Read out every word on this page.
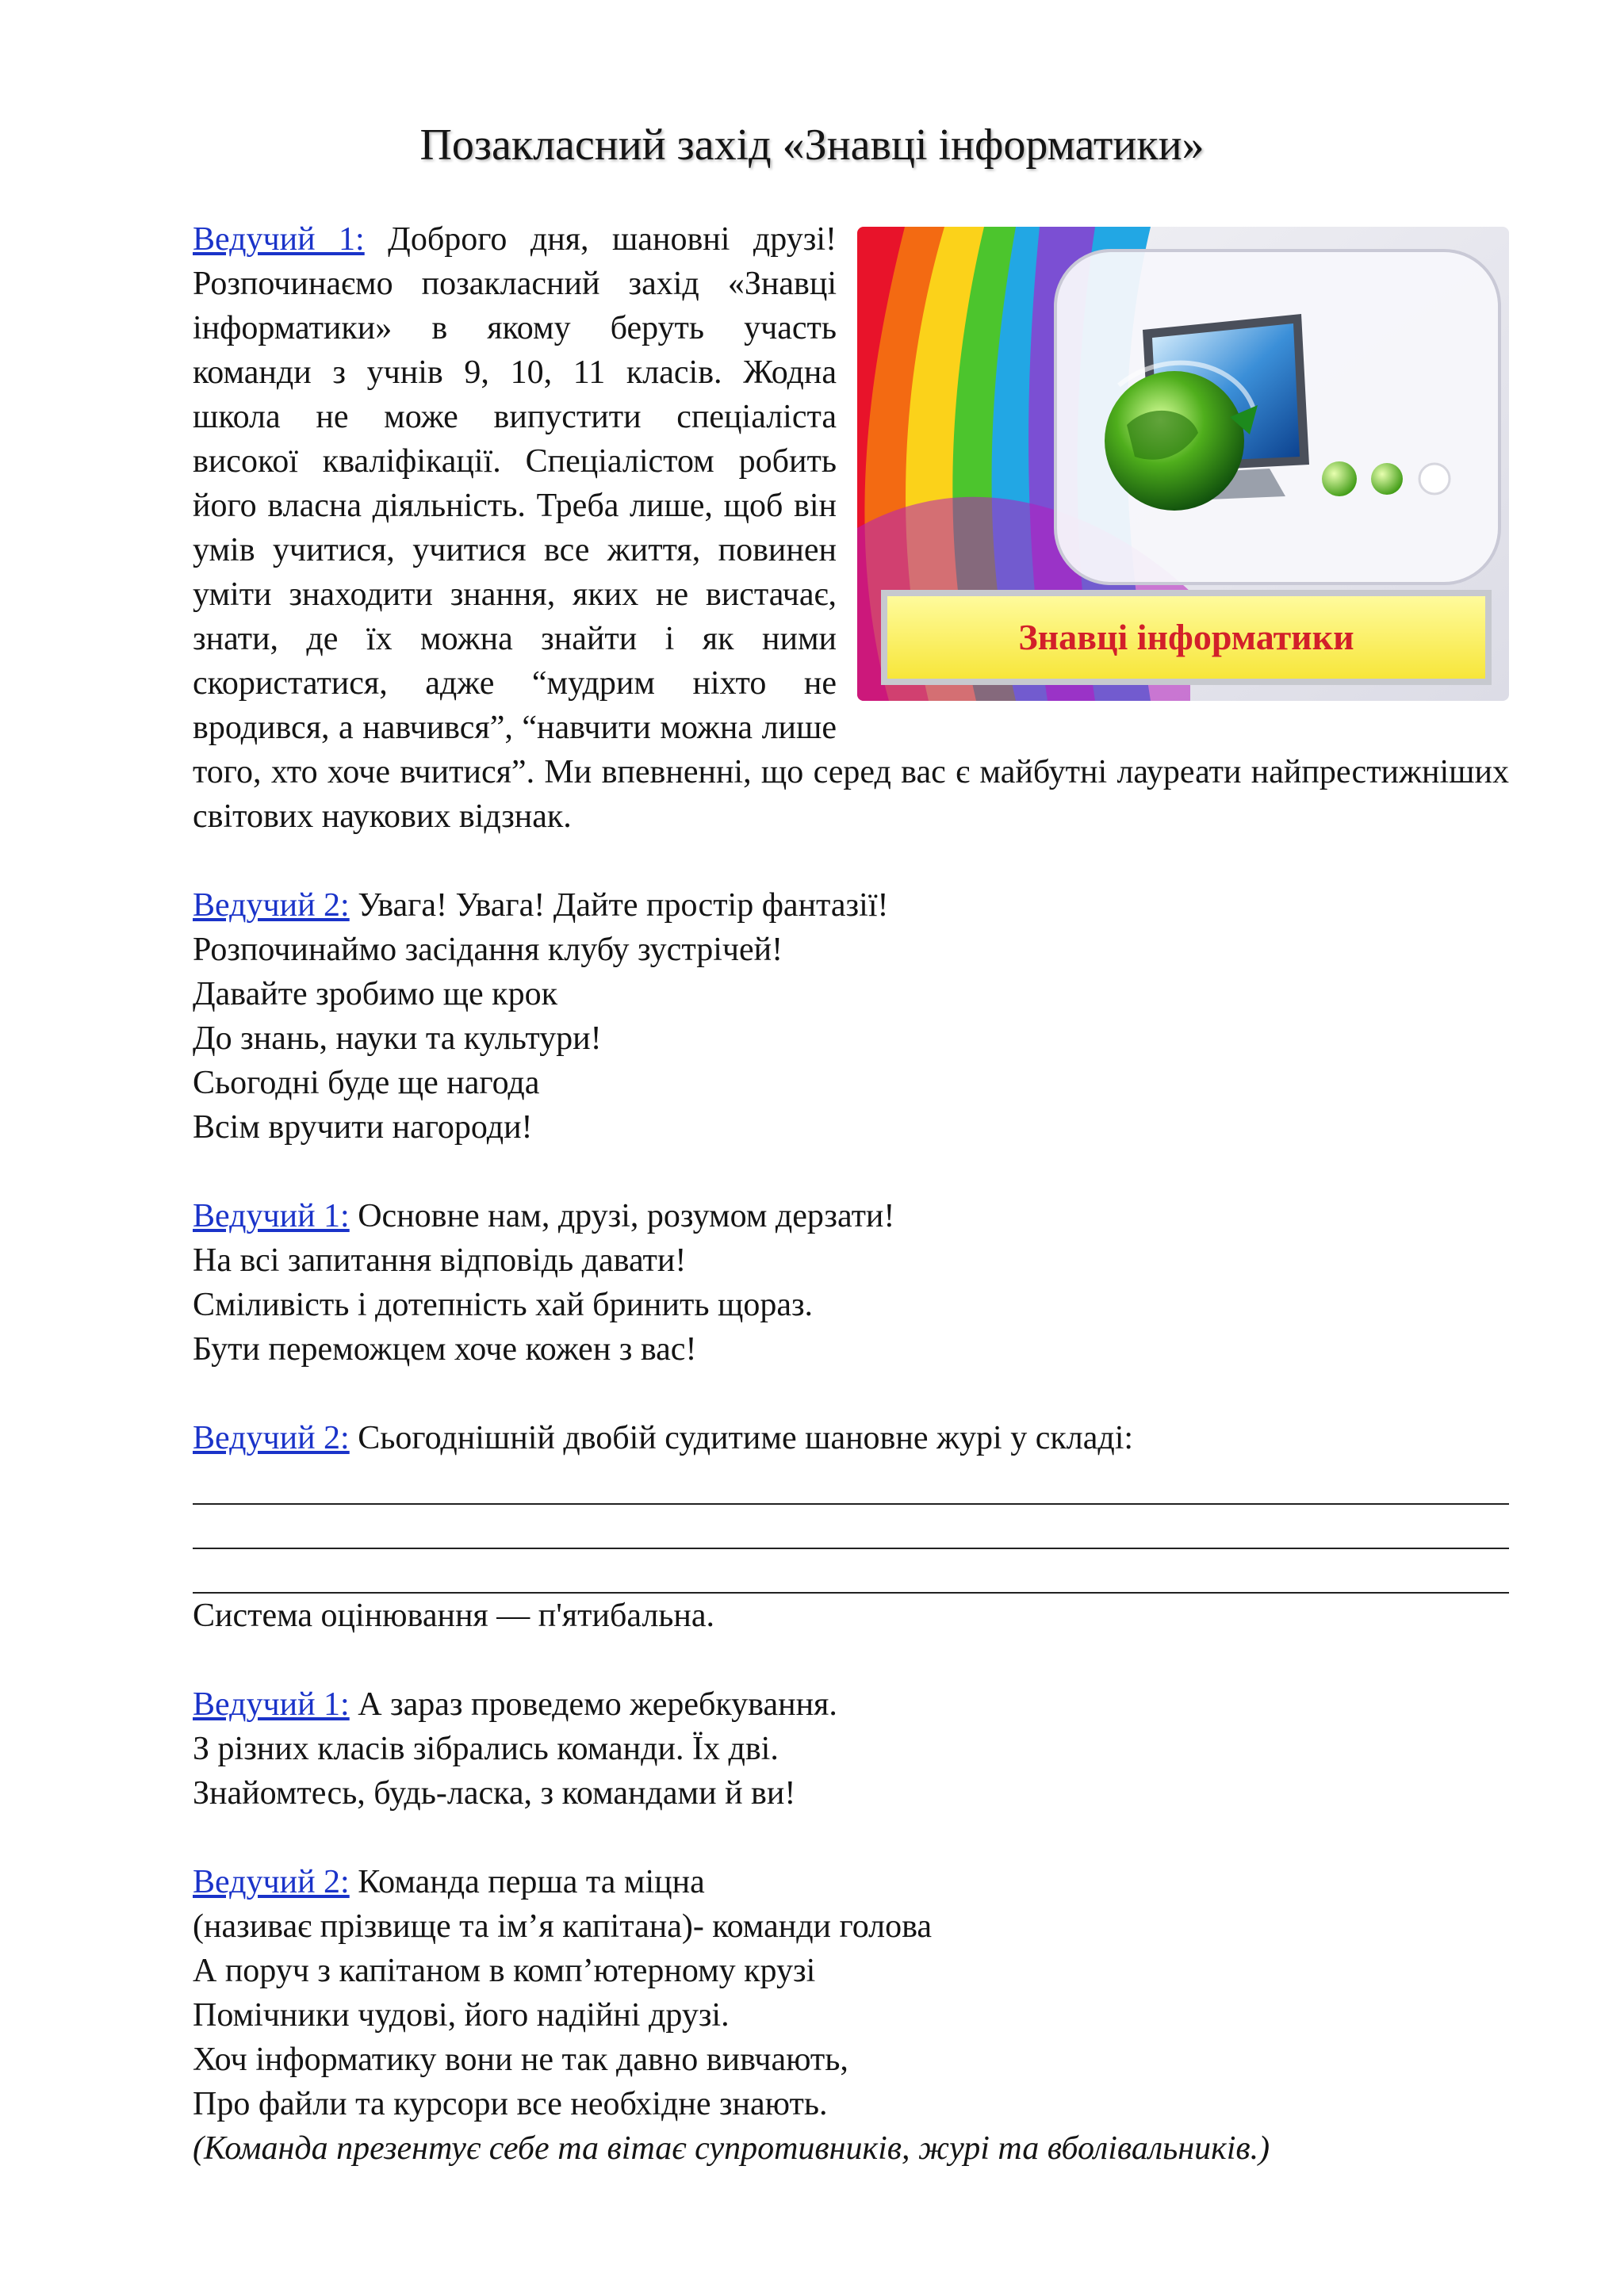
Позакласний захід «Знавці інформатики»
Знавці інформатики

Ведучий 1: Доброго дня, шановні друзі! Розпочинаємо позакласний захід «Знавці інформатики» в якому беруть участь команди з учнів 9, 10, 11 класів. Жодна школа не може випустити спеціаліста високої кваліфікації. Спеціалістом робить його власна діяльність. Треба лише, щоб він умів учитися, учитися все життя, повинен уміти знаходити знання, яких не вистачає, знати, де їх можна знайти і як ними скористатися, адже “мудрим ніхто не вродився, а навчився”, “навчити можна лише того, хто хоче вчитися”. Ми впевненні, що серед вас є майбутні лауреати найпрестижніших світових наукових відзнак.

Ведучий 2: Увага! Увага! Дайте простір фантазії!
Розпочинаймо засідання клубу зустрічей!
Давайте зробимо ще крок
До знань, науки та культури!
Сьогодні буде ще нагода
Всім вручити нагороди!
Ведучий 1: Основне нам, друзі, розумом дерзати!
На всі запитання відповідь давати!
Сміливість і дотепність хай бринить щораз.
Бути переможцем хоче кожен з вас!
Ведучий 2: Сьогоднішній двобій судитиме шановне журі у складі:
Система оцінювання — п'ятибальна.
Ведучий 1: А зараз проведемо жеребкування.
З різних класів зібрались команди. Їх дві.
Знайомтесь, будь-ласка, з командами й ви!
Ведучий 2: Команда перша та міцна
(називає прізвище та ім’я капітана)- команди голова
А поруч з капітаном в комп’ютерному крузі
Помічники чудові, його надійні друзі.
Хоч інформатику вони не так давно вивчають,
Про файли та курсори все необхідне знають.
(Команда презентує себе та вітає супротивників, журі та вболівальників.)
